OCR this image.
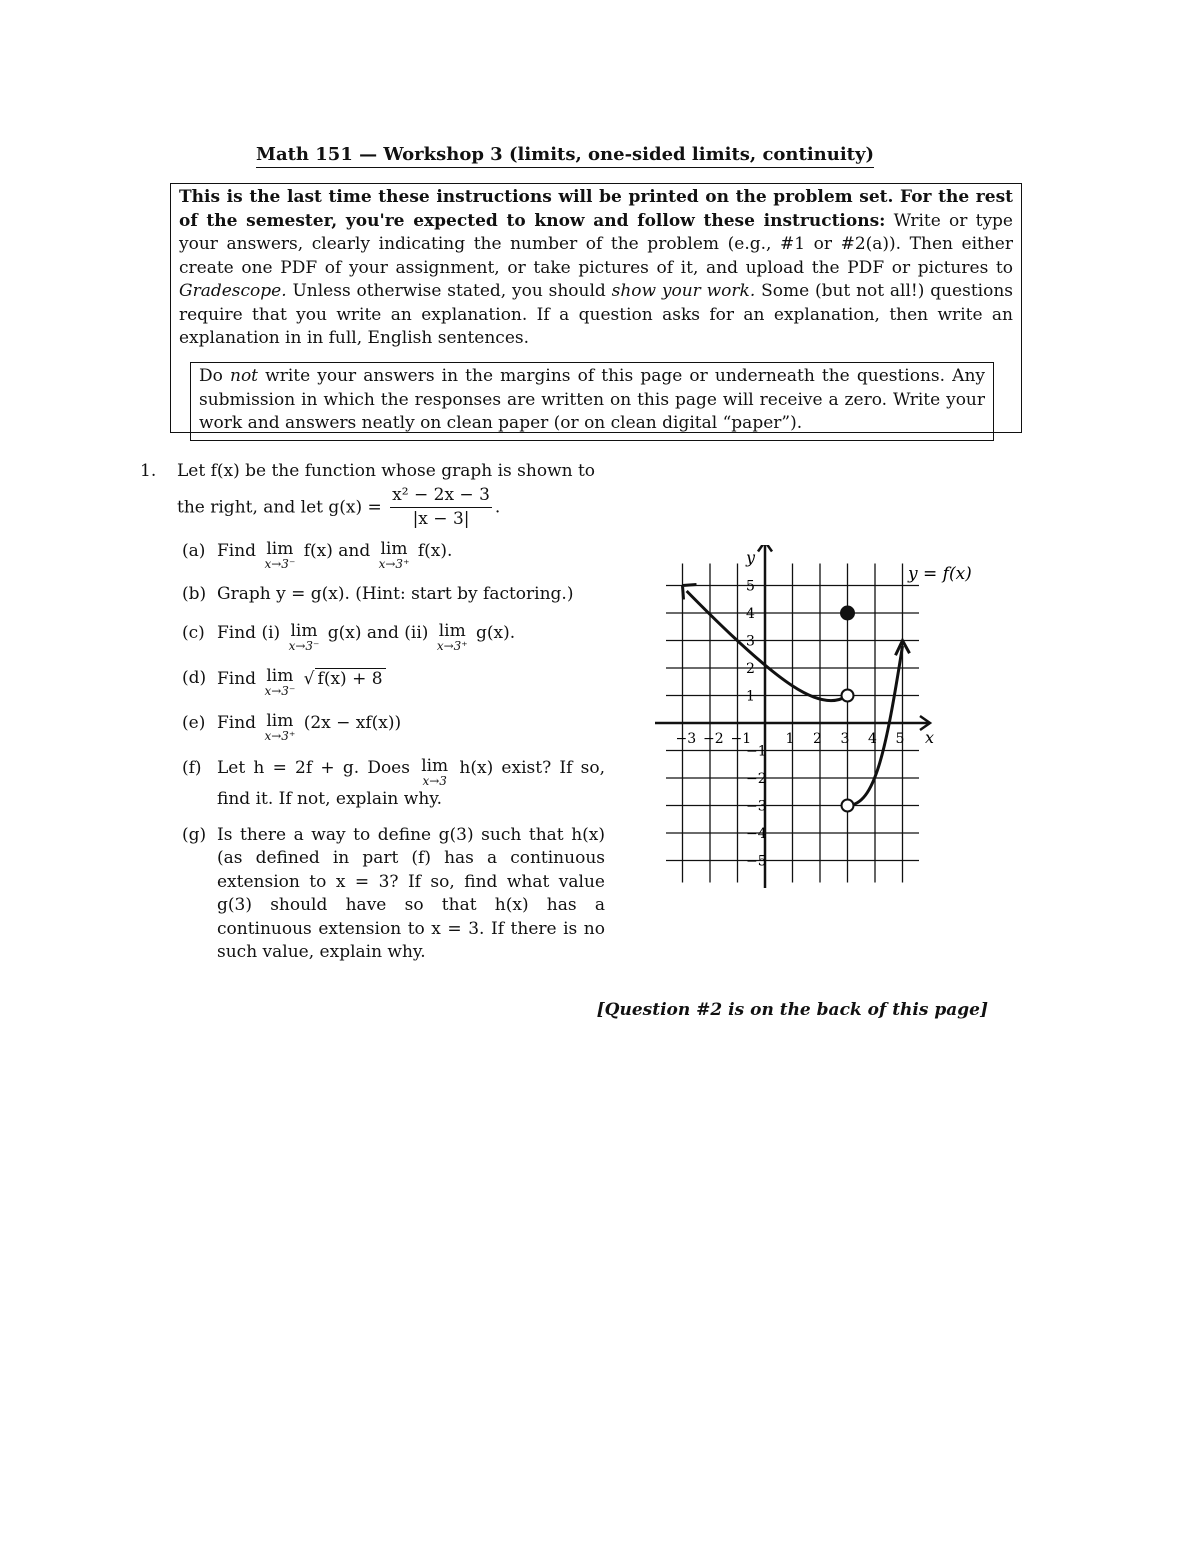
Math 151 — Workshop 3 (limits, one-sided limits, continuity)

This is the last time these instructions will be printed on the problem set. For the rest of the semester, you're expected to know and follow these instructions: Write or type your answers, clearly indicating the number of the problem (e.g., #1 or #2(a)). Then either create one PDF of your assignment, or take pictures of it, and upload the PDF or pictures to Gradescope. Unless otherwise stated, you should show your work. Some (but not all!) questions require that you write an explanation. If a question asks for an explanation, then write an explanation in in full, English sentences.

Do not write your answers in the margins of this page or underneath the questions. Any submission in which the responses are written on this page will receive a zero. Write your work and answers neatly on clean paper (or on clean digital “paper”).
1. Let f(x) be the function whose graph is shown to the right, and let $g(x) = \frac{\text{x² − 2x − 3}}{|x - 3|}$ .
(a) Find lim
x→3⁻
f(x) and lim
x→3⁺
f(x).
(b) Graph y = g(x). (Hint: start by factoring.)
(c) Find (i) lim
x→3⁻
g(x) and (ii) lim
x→3⁺
g(x).
(d) Find lim
x→3⁻
√ f(x) + 8
(e) Find lim
x→3⁺
(2x − xf(x))
(f) Let h = 2f + g. Does lim
x→3
h(x) exist? If so, find it. If not, explain why.
(g) Is there a way to define g(3) such that h(x) (as defined in part (f) has a continuous extension to x = 3? If so, find what value g(3) should have so that h(x) has a continuous extension to x = 3. If there is no such value, explain why.
−3 −2 −1 1 2 3 4 5
5
4
3
2
1
−1
−2
−3
−4
−5
y = f(x)
x
y
[Question #2 is on the back of this page]
